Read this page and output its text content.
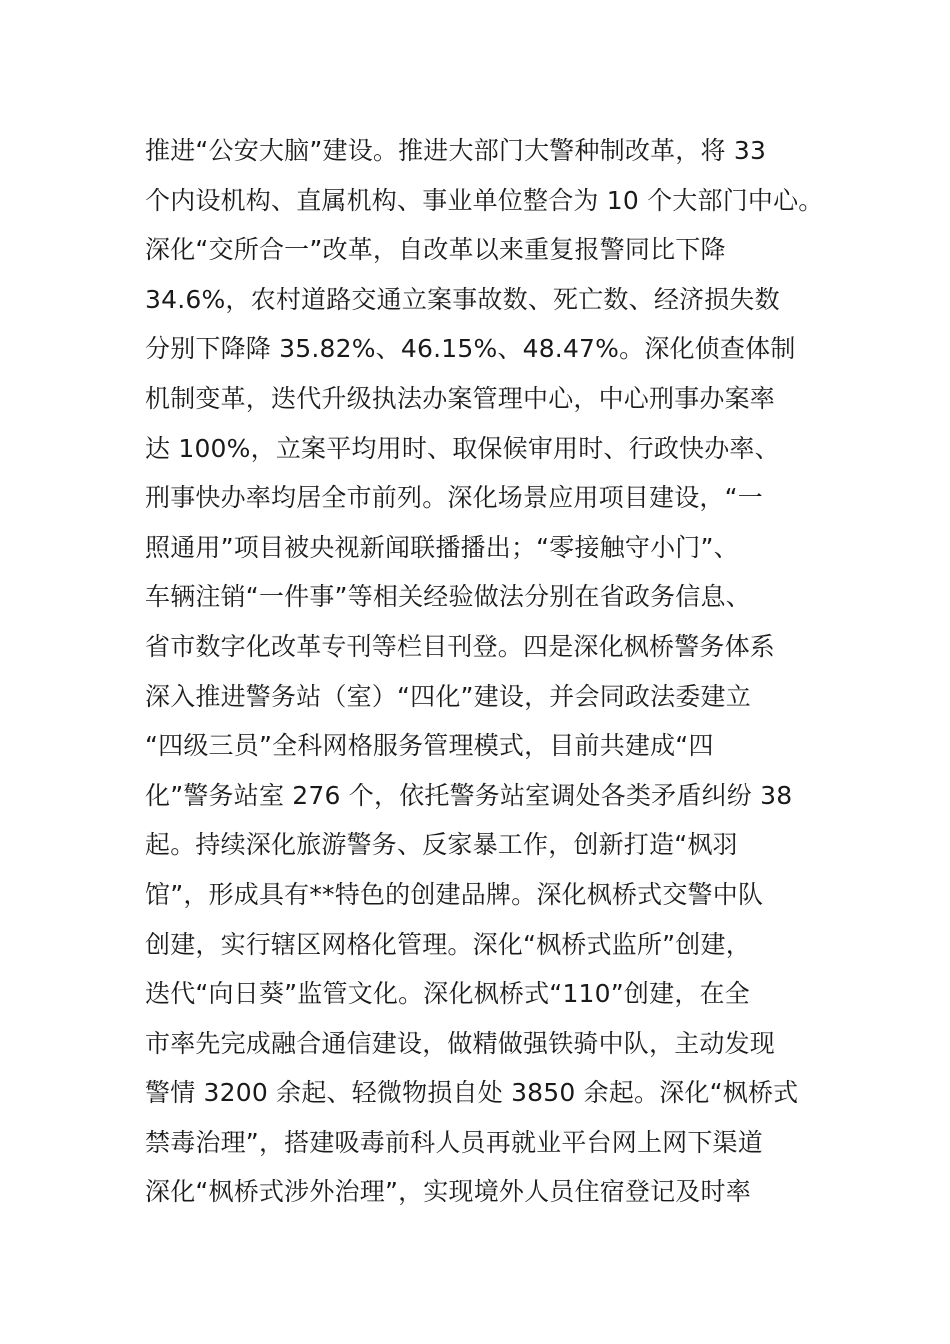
推进“公安大脑”建设。推进大部门大警种制改革，将 33
个内设机构、直属机构、事业单位整合为 10 个大部门中心。
深化“交所合一”改革，自改革以来重复报警同比下降
34.6%，农村道路交通立案事故数、死亡数、经济损失数
分别下降降 35.82%、46.15%、48.47%。深化侦查体制
机制变革，迭代升级执法办案管理中心，中心刑事办案率
达 100%，立案平均用时、取保候审用时、行政快办率、
刑事快办率均居全市前列。深化场景应用项目建设，“一
照通用”项目被央视新闻联播播出；“零接触守小门”、
车辆注销“一件事”等相关经验做法分别在省政务信息、
省市数字化改革专刊等栏目刊登。四是深化枫桥警务体系
深入推进警务站（室）“四化”建设，并会同政法委建立
“四级三员”全科网格服务管理模式，目前共建成“四
化”警务站室 276 个，依托警务站室调处各类矛盾纠纷 38
起。持续深化旅游警务、反家暴工作，创新打造“枫羽
馆”，形成具有**特色的创建品牌。深化枫桥式交警中队
创建，实行辖区网格化管理。深化“枫桥式监所”创建，
迭代“向日葵”监管文化。深化枫桥式“110”创建，在全
市率先完成融合通信建设，做精做强铁骑中队，主动发现
警情 3200 余起、轻微物损自处 3850 余起。深化“枫桥式
禁毒治理”，搭建吸毒前科人员再就业平台网上网下渠道
深化“枫桥式涉外治理”，实现境外人员住宿登记及时率
